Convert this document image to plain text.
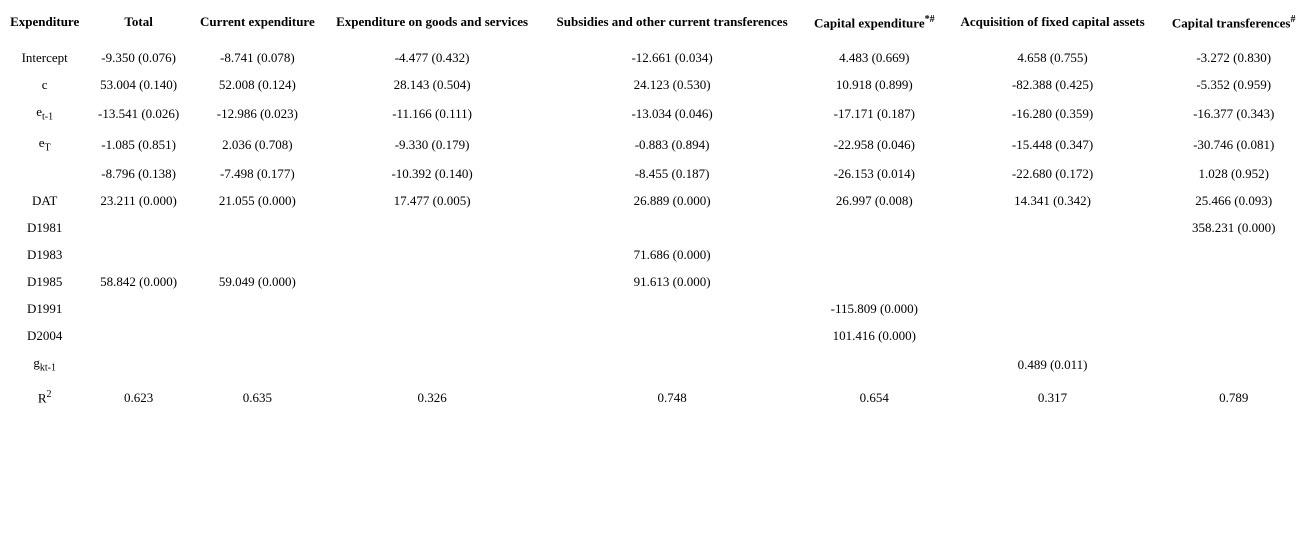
Expenditure	Total	Current expenditure	Expenditure on goods and services	Subsidies and other current transferences	Capital expenditure*#	Acquisition of fixed capital assets	Capital transferences#
Intercept	-9.350 (0.076)	-8.741 (0.078)	-4.477 (0.432)	-12.661 (0.034)	4.483 (0.669)	4.658 (0.755)	-3.272 (0.830)
c	53.004 (0.140)	52.008 (0.124)	28.143 (0.504)	24.123 (0.530)	10.918 (0.899)	-82.388 (0.425)	-5.352 (0.959)
$e_{t-1}$	-13.541 (0.026)	-12.986 (0.023)	-11.166 (0.111)	-13.034 (0.046)	-17.171 (0.187)	-16.280 (0.359)	-16.377 (0.343)
$e_T$	-1.085 (0.851)	2.036 (0.708)	-9.330 (0.179)	-0.883 (0.894)	-22.958 (0.046)	-15.448 (0.347)	-30.746 (0.081)
	-8.796 (0.138)	-7.498 (0.177)	-10.392 (0.140)	-8.455 (0.187)	-26.153 (0.014)	-22.680 (0.172)	1.028 (0.952)
DAT	23.211 (0.000)	21.055 (0.000)	17.477 (0.005)	26.889 (0.000)	26.997 (0.008)	14.341 (0.342)	25.466 (0.093)
D1981							358.231 (0.000)
D1983				71.686 (0.000)			
D1985	58.842 (0.000)	59.049 (0.000)		91.613 (0.000)			
D1991					-115.809 (0.000)		
D2004					101.416 (0.000)		
$g_{kt-1}$						0.489 (0.011)	
$R^2$	0.623	0.635	0.326	0.748	0.654	0.317	0.789
